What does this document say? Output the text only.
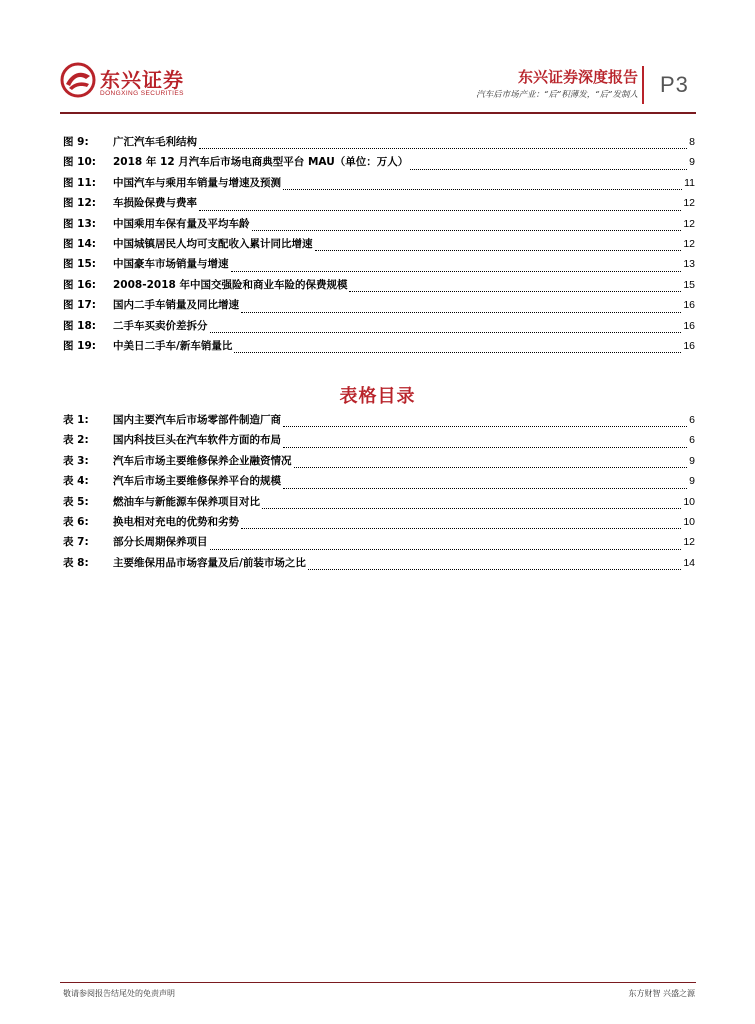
东兴证券
DONGXING SECURITIES
东兴证券深度报告
汽车后市场产业：“后”积薄发，“后”发制人 P3
图 9:	广汇汽车毛利结构	8
图 10:	2018 年 12 月汽车后市场电商典型平台 MAU（单位：万人）	9
图 11:	中国汽车与乘用车销量与增速及预测	11
图 12:	车损险保费与费率	12
图 13:	中国乘用车保有量及平均车龄	12
图 14:	中国城镇居民人均可支配收入累计同比增速	12
图 15:	中国豪车市场销量与增速	13
图 16:	2008-2018 年中国交强险和商业车险的保费规模	15
图 17:	国内二手车销量及同比增速	16
图 18:	二手车买卖价差拆分	16
图 19:	中美日二手车/新车销量比	16
表格目录
表 1:	国内主要汽车后市场零部件制造厂商	6
表 2:	国内科技巨头在汽车软件方面的布局	6
表 3:	汽车后市场主要维修保养企业融资情况	9
表 4:	汽车后市场主要维修保养平台的规模	9
表 5:	燃油车与新能源车保养项目对比	10
表 6:	换电相对充电的优势和劣势	10
表 7:	部分长周期保养项目	12
表 8:	主要维保用品市场容量及后/前装市场之比	14
敬请参阅报告结尾处的免责声明	东方财智 兴盛之源
